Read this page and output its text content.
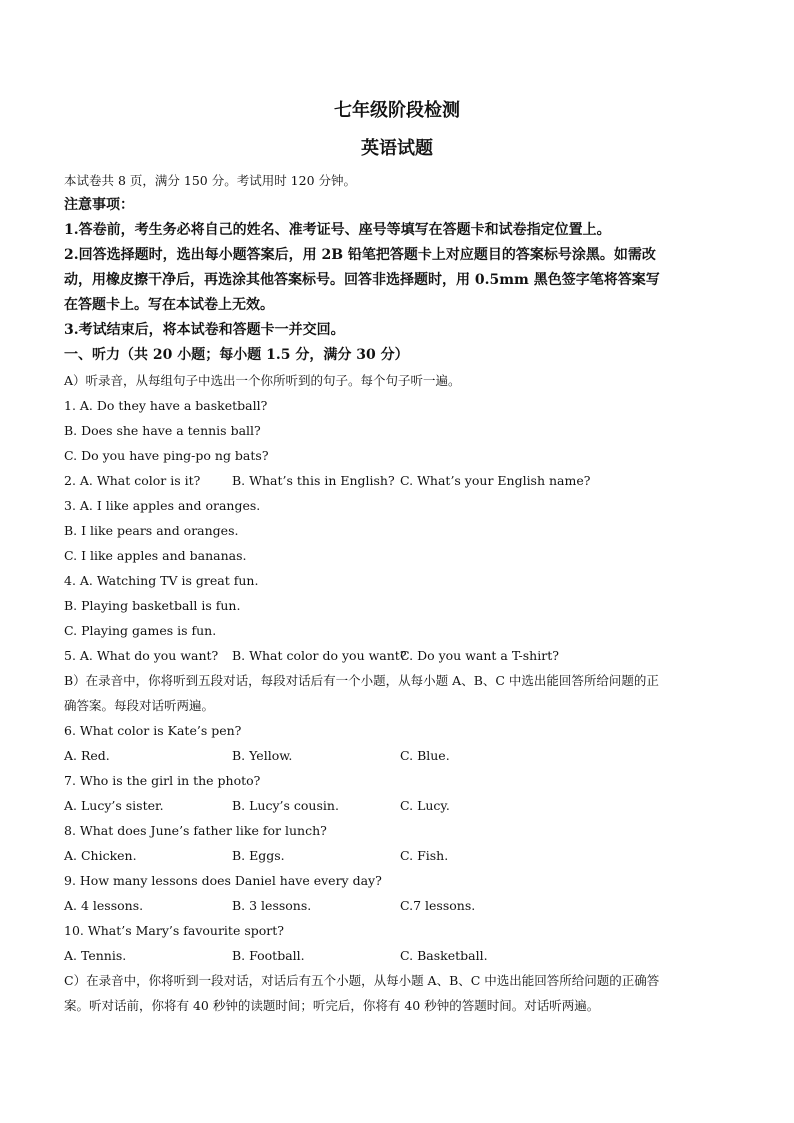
七年级阶段检测
英语试题
本试卷共 8 页，满分 150 分。考试用时 120 分钟。
注意事项：
1.答卷前，考生务必将自己的姓名、准考证号、座号等填写在答题卡和试卷指定位置上。
2.回答选择题时，选出每小题答案后，用 2B 铅笔把答题卡上对应题目的答案标号涂黑。如需改
动，用橡皮擦干净后，再选涂其他答案标号。回答非选择题时，用 0.5mm 黑色签字笔将答案写
在答题卡上。写在本试卷上无效。
3.考试结束后，将本试卷和答题卡一并交回。
一、听力（共 20 小题；每小题 1.5 分，满分 30 分）
A）听录音，从每组句子中选出一个你所听到的句子。每个句子听一遍。
1. A. Do they have a basketball?
B. Does she have a tennis ball?
C. Do you have ping-po ng bats?
2. A. What color is it?	B. What’s this in English? C. What’s your English name?
3. A. I like apples and oranges.
B. I like pears and oranges.
C. I like apples and bananas.
4. A. Watching TV is great fun.
B. Playing basketball is fun.
C. Playing games is fun.
5. A. What do you want?	B. What color do you want?
C. Do you want a T-shirt?
B）在录音中，你将听到五段对话，每段对话后有一个小题，从每小题 A、B、C 中选出能回答所给问题的正
确答案。每段对话听两遍。
6. What color is Kate’s pen?
A. Red.	B. Yellow.	C. Blue.
7. Who is the girl in the photo?
A. Lucy’s sister.	B. Lucy’s cousin.	C. Lucy.
8. What does June’s father like for lunch?
A. Chicken.	B. Eggs.	C. Fish.
9. How many lessons does Daniel have every day?
A. 4 lessons.	B. 3 lessons.	C.7 lessons.
10. What’s Mary’s favourite sport?
A. Tennis.	B. Football.	C. Basketball.
C）在录音中，你将听到一段对话，对话后有五个小题，从每小题 A、B、C 中选出能回答所给问题的正确答
案。听对话前，你将有 40 秒钟的读题时间；听完后，你将有 40 秒钟的答题时间。对话听两遍。
